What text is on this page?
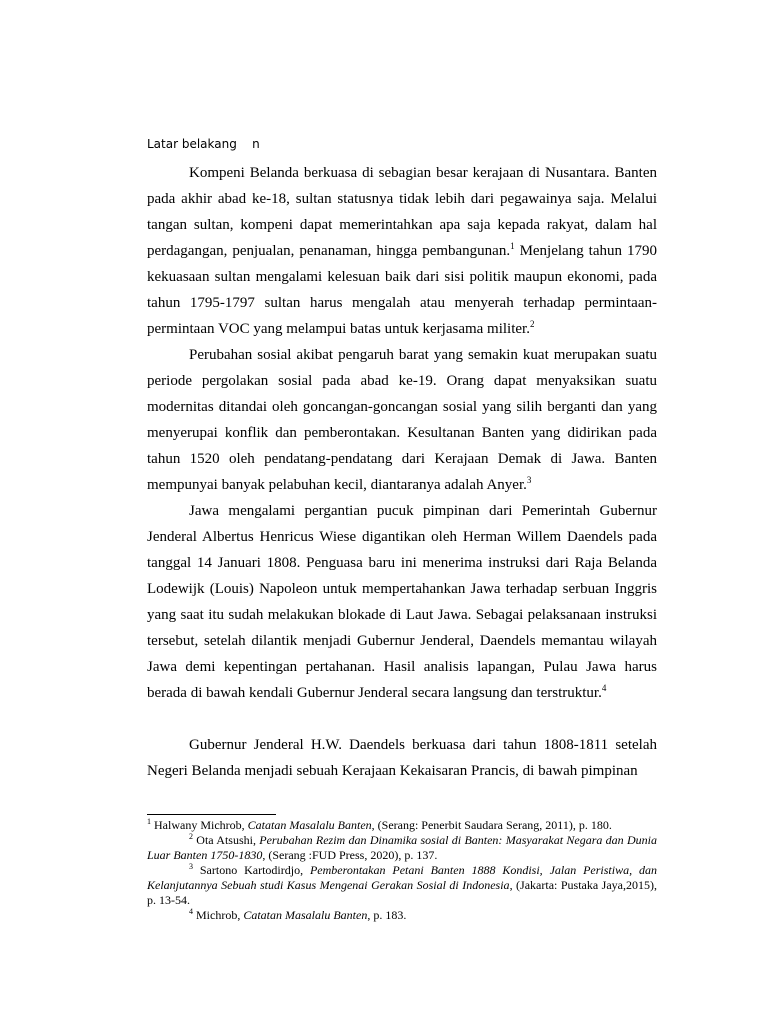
Latar belakang    n

Kompeni Belanda berkuasa di sebagian besar kerajaan di Nusantara. Banten pada akhir abad ke-18, sultan statusnya tidak lebih dari pegawainya saja. Melalui tangan sultan, kompeni dapat memerintahkan apa saja kepada rakyat, dalam hal perdagangan, penjualan, penanaman, hingga pembangunan.$^1$ Menjelang tahun 1790 kekuasaan sultan mengalami kelesuan baik dari sisi politik maupun ekonomi, pada tahun 1795-1797 sultan harus mengalah atau menyerah terhadap permintaan-permintaan VOC yang melampui batas untuk kerjasama militer.$^2$

Perubahan sosial akibat pengaruh barat yang semakin kuat merupakan suatu periode pergolakan sosial pada abad ke-19. Orang dapat menyaksikan suatu modernitas ditandai oleh goncangan-goncangan sosial yang silih berganti dan yang menyerupai konflik dan pemberontakan. Kesultanan Banten yang didirikan pada tahun 1520 oleh pendatang-pendatang dari Kerajaan Demak di Jawa. Banten mempunyai banyak pelabuhan kecil, diantaranya adalah Anyer.$^3$

Jawa mengalami pergantian pucuk pimpinan dari Pemerintah Gubernur Jenderal Albertus Henricus Wiese digantikan oleh Herman Willem Daendels pada tanggal 14 Januari 1808. Penguasa baru ini menerima instruksi dari Raja Belanda Lodewijk (Louis) Napoleon untuk mempertahankan Jawa terhadap serbuan Inggris yang saat itu sudah melakukan blokade di Laut Jawa. Sebagai pelaksanaan instruksi tersebut, setelah dilantik menjadi Gubernur Jenderal, Daendels memantau wilayah Jawa demi kepentingan pertahanan. Hasil analisis lapangan, Pulau Jawa harus berada di bawah kendali Gubernur Jenderal secara langsung dan terstruktur.$^4$

Gubernur Jenderal H.W. Daendels berkuasa dari tahun 1808-1811 setelah Negeri Belanda menjadi sebuah Kerajaan Kekaisaran Prancis, di bawah pimpinan

$^1$ Halwany Michrob, Catatan Masalalu Banten, (Serang: Penerbit Saudara Serang, 2011), p. 180.

$^2$ Ota Atsushi, Perubahan Rezim dan Dinamika sosial di Banten: Masyarakat Negara dan Dunia Luar Banten 1750-1830, (Serang :FUD Press, 2020), p. 137.

$^3$ Sartono Kartodirdjo, Pemberontakan Petani Banten 1888 Kondisi, Jalan Peristiwa, dan Kelanjutannya Sebuah studi Kasus Mengenai Gerakan Sosial di Indonesia, (Jakarta: Pustaka Jaya,2015), p. 13-54.

$^4$ Michrob, Catatan Masalalu Banten, p. 183.
